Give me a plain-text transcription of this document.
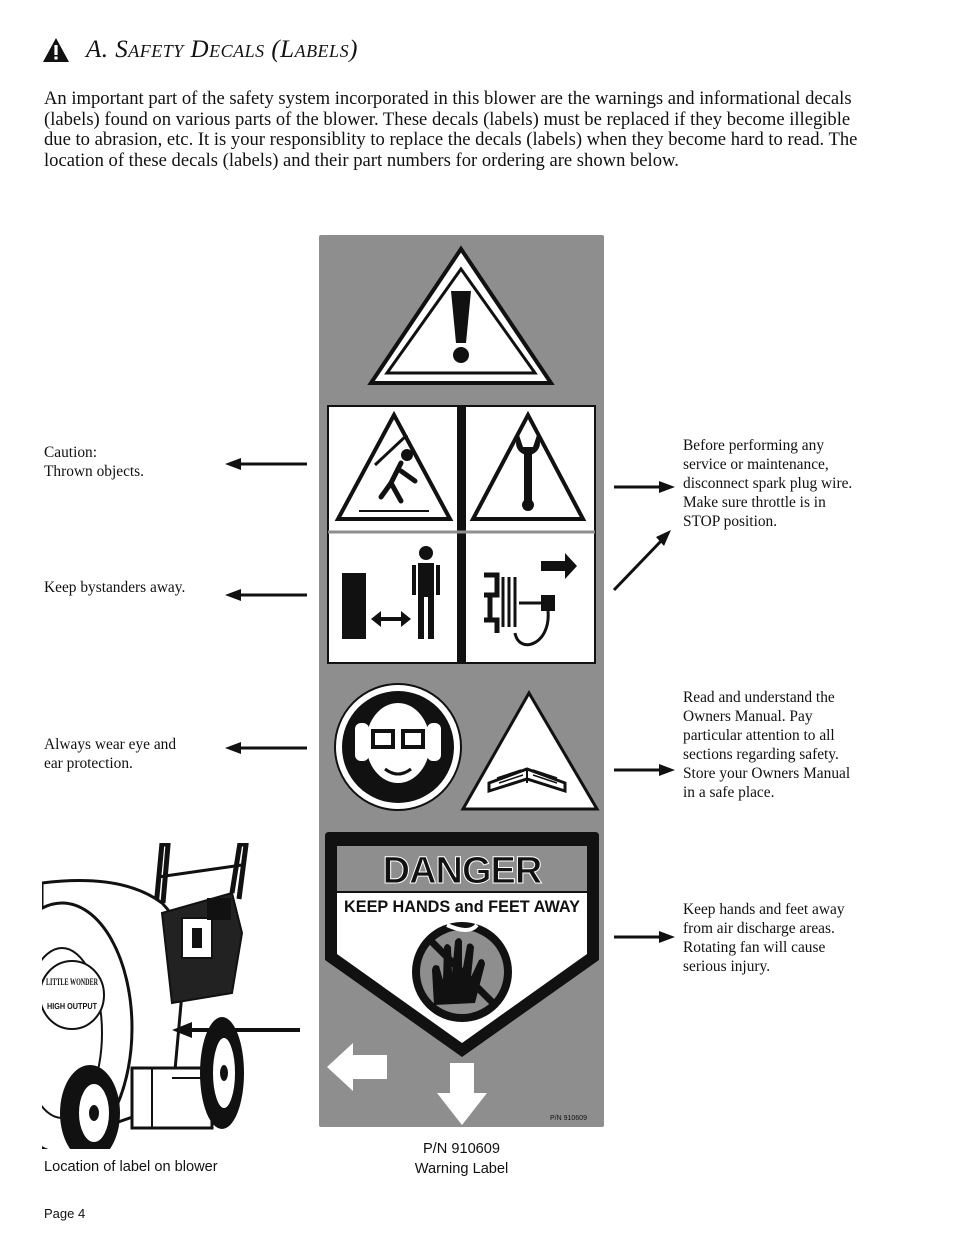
A. Safety Decals (Labels)

An important part of the safety system incorporated in this blower are the warnings and informational decals (labels) found on various parts of the blower. These decals (labels) must be replaced if they become illegible due to abrasion, etc. It is your responsiblity to replace the decals (labels) when they become hard to read. The location of these decals (labels) and their part numbers for ordering are shown below.

Caution:
Thrown objects.

Keep bystanders away.

Always wear eye and
ear protection.

Before performing any
service or maintenance,
disconnect spark plug wire.
Make sure throttle is in
STOP position.

Read and understand the
Owners Manual. Pay
particular attention to all
sections regarding safety.
Store your Owners Manual
in a safe place.

Keep hands and feet away
from air discharge areas.
Rotating fan will cause
serious injury.

DANGER
KEEP HANDS and FEET AWAY
P/N 910609
LITTLE WONDER
HIGH OUTPUT

Location of label on blower

P/N 910609

Warning Label

Page 4
